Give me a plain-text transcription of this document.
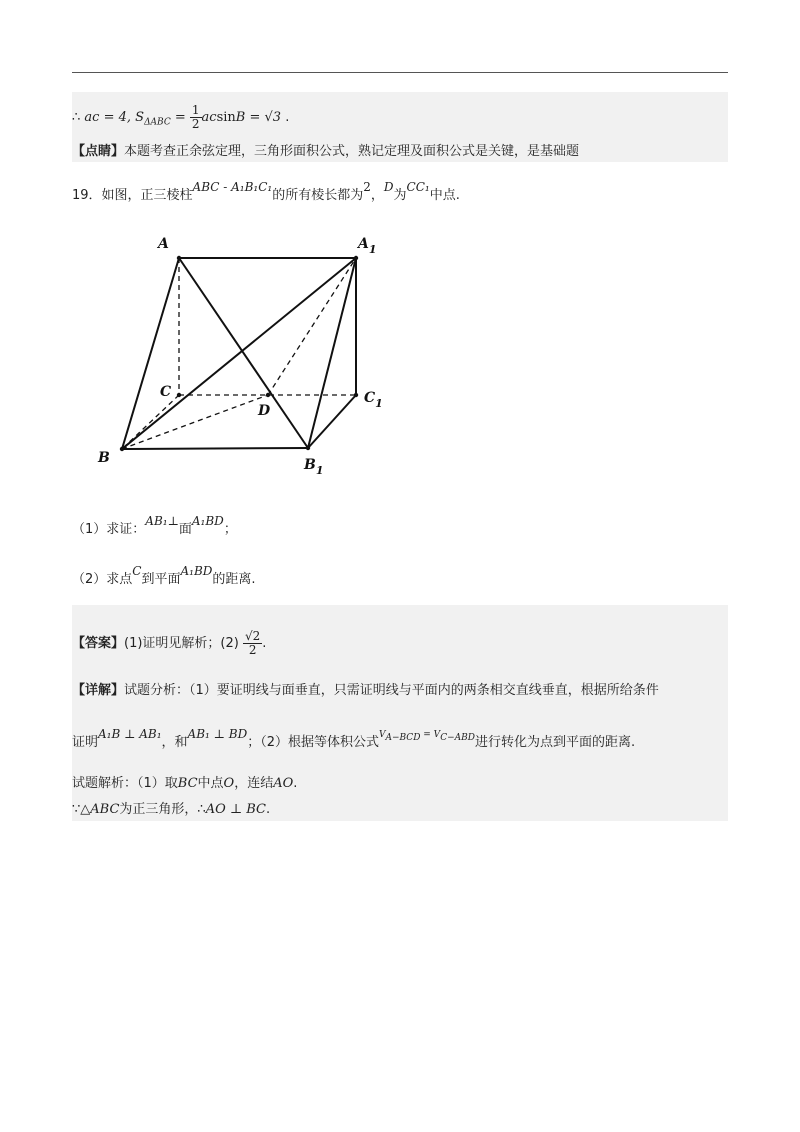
∴ ac = 4, $S_{\Delta ABC} = \frac{1}{2}$ acsinB = √3 .
【点睛】本题考查正余弦定理，三角形面积公式，熟记定理及面积公式是关键，是基础题
19．如图，正三棱柱ABC - A₁B₁C₁的所有棱长都为2，D为CC₁中点.
A	$A_1$
C	$C_1$
D
B	$B_1$
（1）求证：AB₁⊥面A₁BD；
（2）求点C到平面A₁BD的距离.
【答案】(1)证明见解析；$(2) \frac{√2}{2}$ .
【详解】试题分析：（1）要证明线与面垂直，只需证明线与平面内的两条相交直线垂直，根据所给条件
证明A₁B ⊥ AB₁，和AB₁ ⊥ BD；（2）根据等体积公式$^{V_{A-BCD} = V_{C-ABD}}$进行转化为点到平面的距离.
试题解析：（1）取BC中点O，连结AO.
∵△ABC为正三角形，∴AO ⊥ BC.
